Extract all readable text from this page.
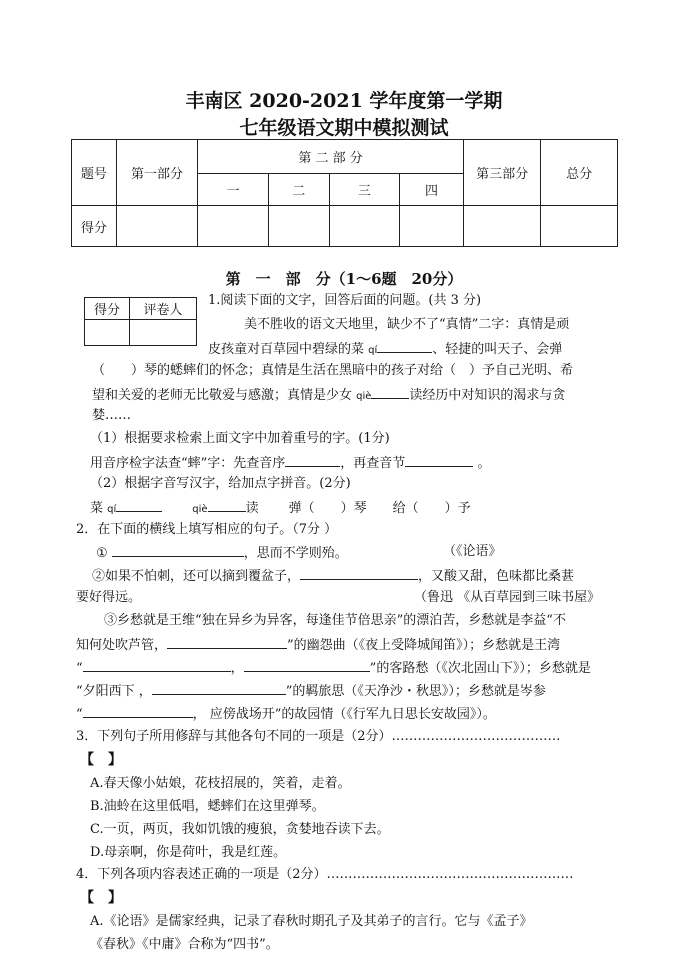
丰南区 2020-2021 学年度第一学期
七年级语文期中模拟测试
题号	第一部分	第 二 部 分				第三部分	总分
		一	二	三	四		
得分							
第　一　部　分（1～6题　20分）
得分	评卷人

1.阅读下面的文字，回答后面的问题。(共 3 分)
美不胜收的语文天地里，缺少不了“真情”二字：真情是顽
皮孩童对百草园中碧绿的菜 qí	、轻捷的叫天子、会弹
（　　）琴的蟋蟀们的怀念；真情是生活在黑暗中的孩子对给（　）予自己光明、希
望和关爱的老师无比敬爱与感激；真情是少女 qiè	读经历中对知识的渴求与贪
婪……
（1）根据要求检索上面文字中加着重号的字。(1分)
用音序检字法查“蟀”字：先查音序	，再查音节	。
（2）根据字音写汉字，给加点字拼音。(2分)
菜 qí	qiè	读 弹（　　）琴 给（　　）予
2．在下面的横线上填写相应的句子。（7分 ）
①	，思而不学则殆。	（《论语》
②如果不怕刺，还可以摘到覆盆子，	，又酸又甜，色味都比桑葚
要好得远。	（鲁迅 《从百草园到三味书屋》
③乡愁就是王维“独在异乡为异客，每逢佳节倍思亲”的漂泊苦，乡愁就是李益“不
知何处吹芦管，	”的幽怨曲（《夜上受降城闻笛》）；乡愁就是王湾
“	，	”的客路愁（《次北固山下》）；乡愁就是
“夕阳西下 ，	”的羁旅思（《天净沙・秋思》）；乡愁就是岑参
“	， 应傍战场开”的故园情（《行军九日思长安故园》）。
3．下列句子所用修辞与其他各句不同的一项是（2分）…………………………………
【　】
A.春天像小姑娘，花枝招展的，笑着，走着。
B.油蛉在这里低唱，蟋蟀们在这里弹琴。
C.一页，两页，我如饥饿的瘦狼，贪婪地吞读下去。
D.母亲啊，你是荷叶，我是红莲。
4．下列各项内容表述正确的一项是（2分）…………………………………………………
【　】
A.《论语》是儒家经典，记录了春秋时期孔子及其弟子的言行。它与《孟子》
《春秋》《中庸》合称为“四书”。
